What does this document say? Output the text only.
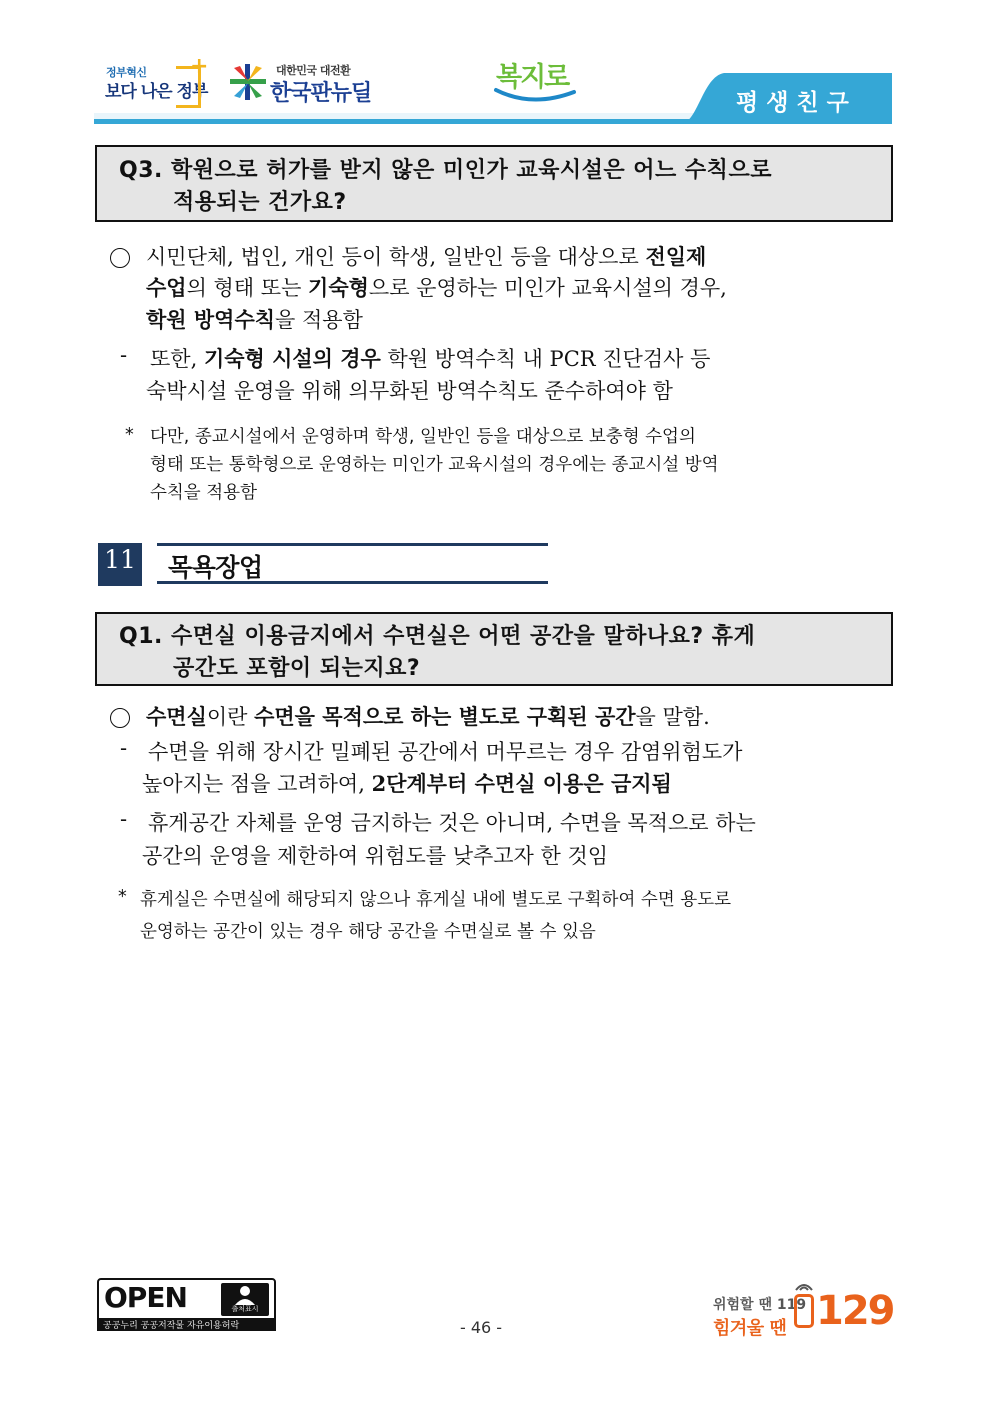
정부혁신
보다 나은 정부
+	대한민국 대전환
한국판뉴딜
복지로
평생친구
Q3. 학원으로 허가를 받지 않은 미인가 교육시설은 어느 수칙으로
적용되는 건가요?
시민단체, 법인, 개인 등이 학생, 일반인 등을 대상으로 전일제
수업의 형태 또는 기숙형으로 운영하는 미인가 교육시설의 경우,
학원 방역수칙을 적용함
- 또한, 기숙형 시설의 경우 학원 방역수칙 내 PCR 진단검사 등
숙박시설 운영을 위해 의무화된 방역수칙도 준수하여야 함
* 다만, 종교시설에서 운영하며 학생, 일반인 등을 대상으로 보충형 수업의
형태 또는 통학형으로 운영하는 미인가 교육시설의 경우에는 종교시설 방역
수칙을 적용함
11 목욕장업
Q1. 수면실 이용금지에서 수면실은 어떤 공간을 말하나요? 휴게
공간도 포함이 되는지요?
수면실이란 수면을 목적으로 하는 별도로 구획된 공간을 말함.
- 수면을 위해 장시간 밀폐된 공간에서 머무르는 경우 감염위험도가
높아지는 점을 고려하여, 2단계부터 수면실 이용은 금지됨
- 휴게공간 자체를 운영 금지하는 것은 아니며, 수면을 목적으로 하는
공간의 운영을 제한하여 위험도를 낮추고자 한 것임
* 휴게실은 수면실에 해당되지 않으나 휴게실 내에 별도로 구획하여 수면 용도로
운영하는 공간이 있는 경우 해당 공간을 수면실로 볼 수 있음
OPEN	출처표시
공공누리 공공저작물 자유이용허락	- 46 -
위험할 땐 119
힘겨울 땐 129
